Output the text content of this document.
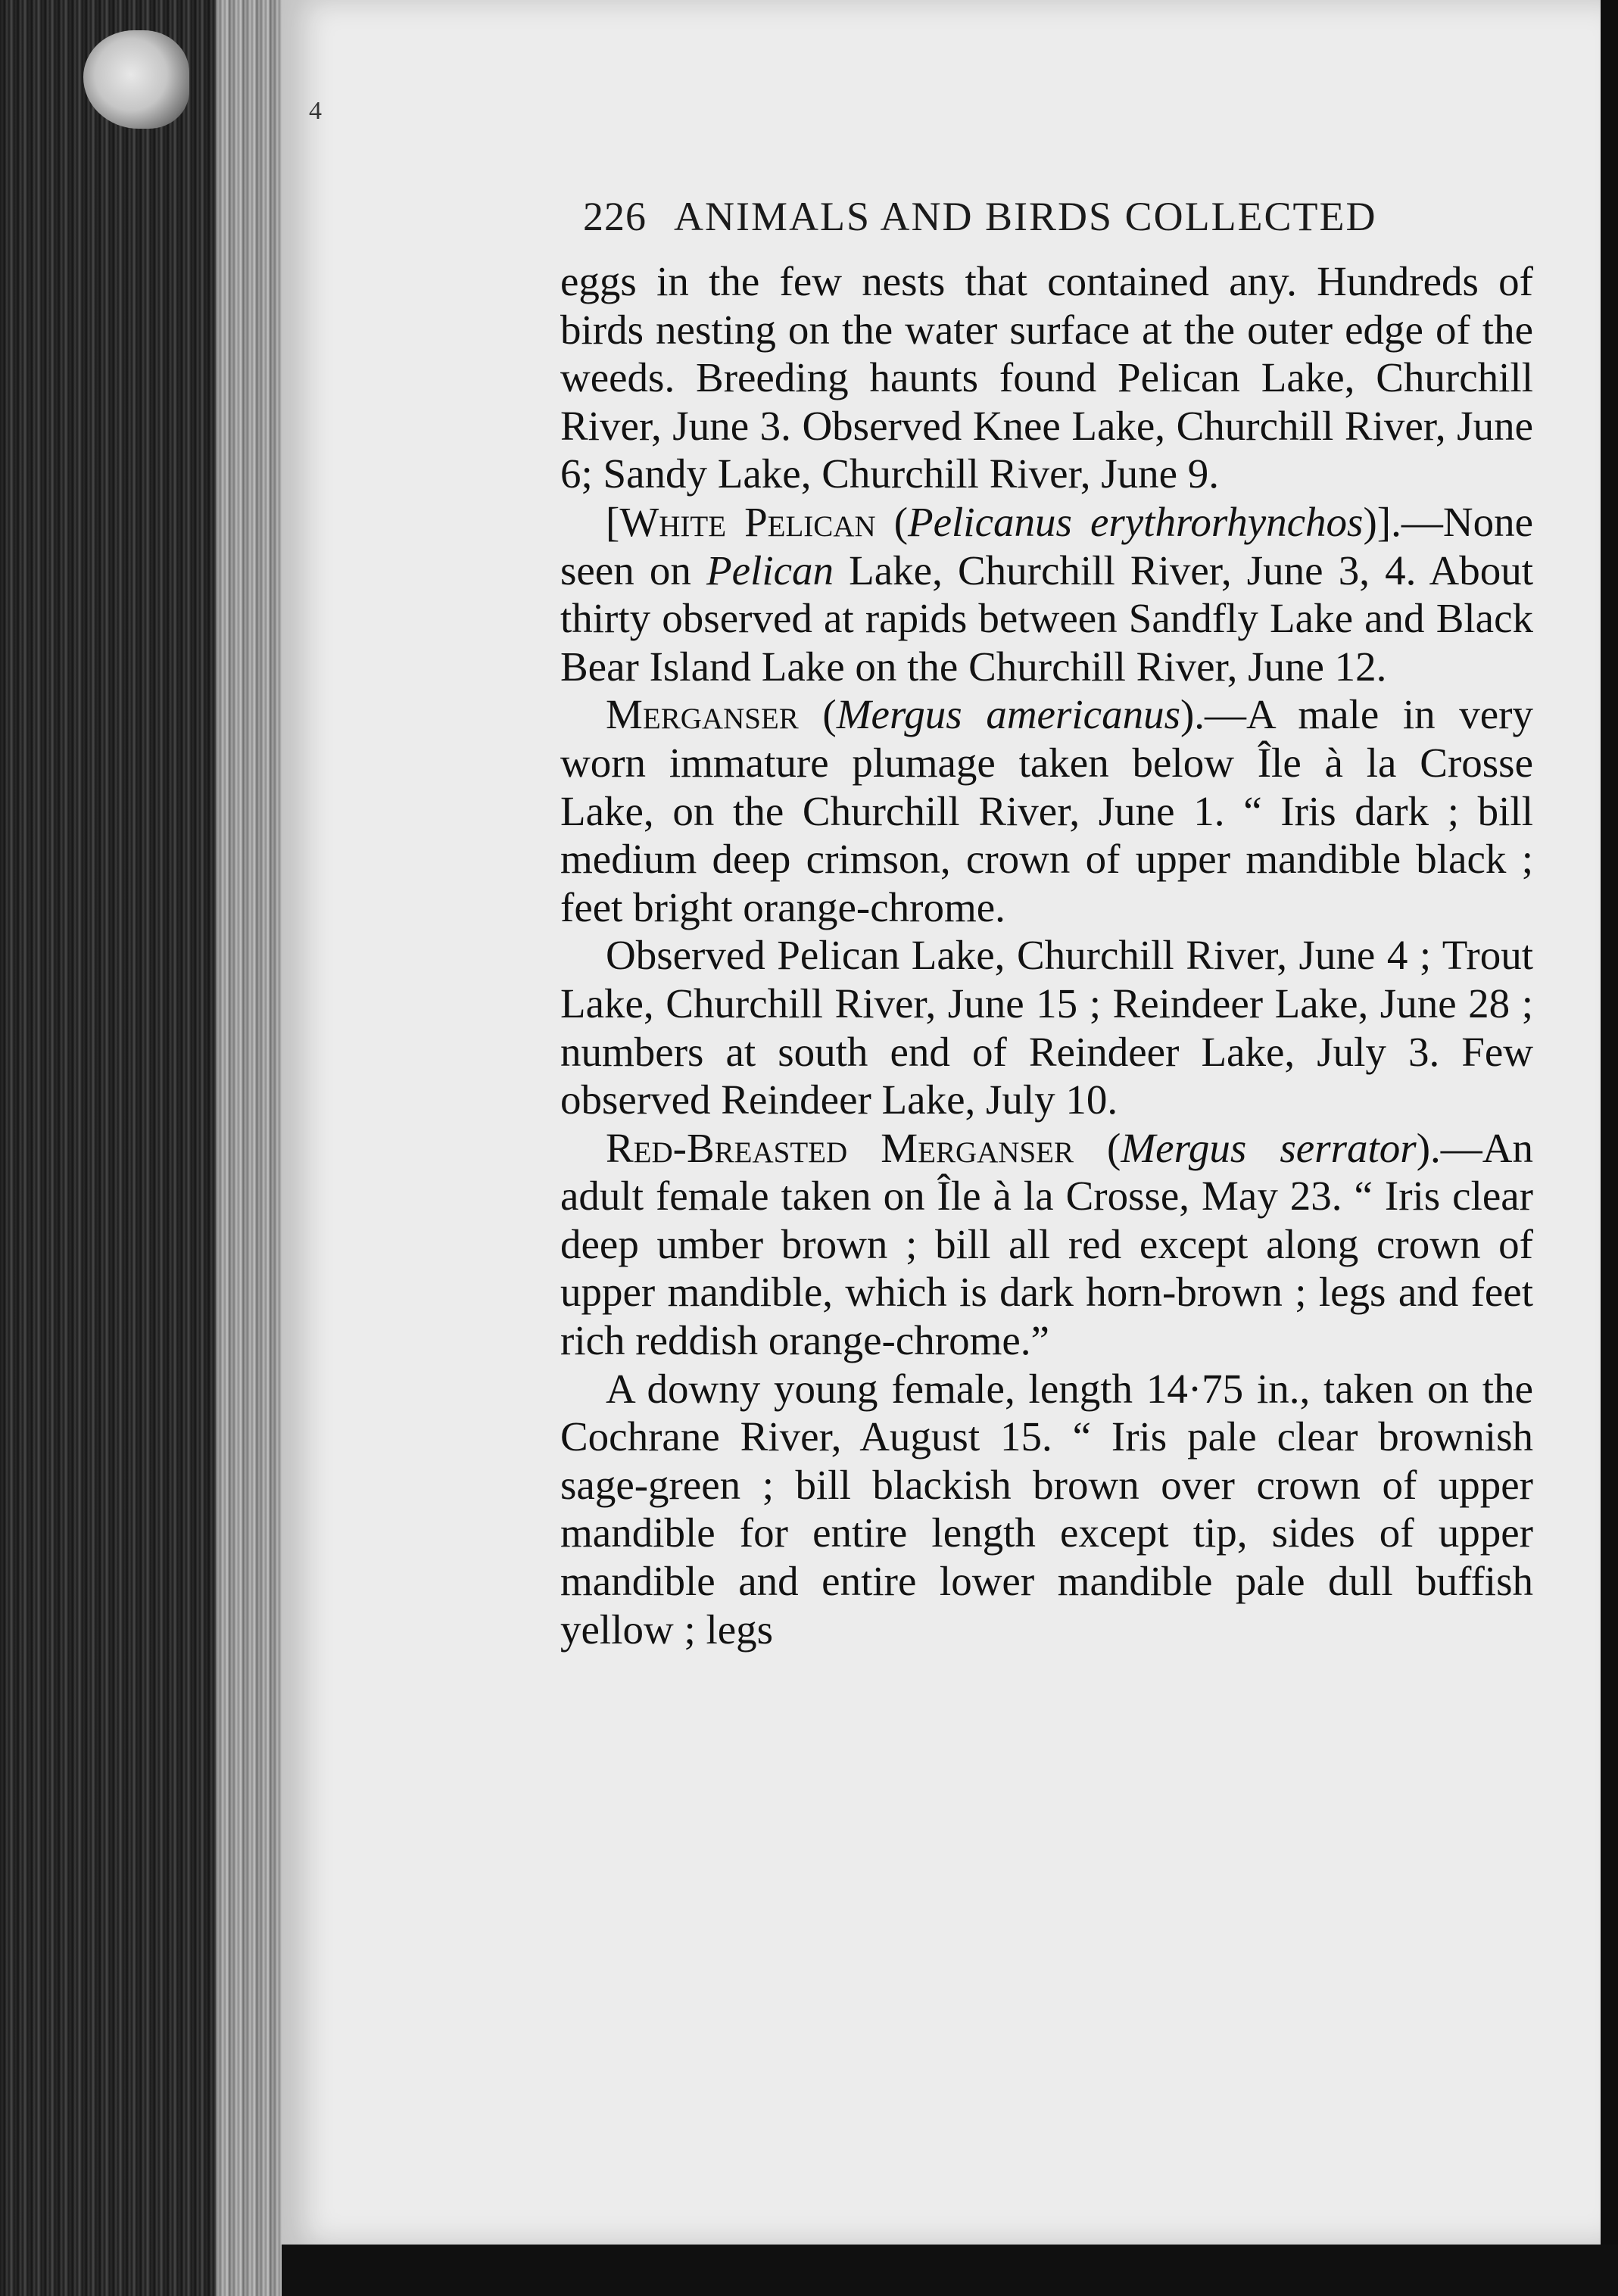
4
226 ANIMALS AND BIRDS COLLECTED

eggs in the few nests that contained any. Hundreds of birds nesting on the water surface at the outer edge of the weeds. Breeding haunts found Pelican Lake, Churchill River, June 3. Observed Knee Lake, Churchill River, June 6; Sandy Lake, Churchill River, June 9.

[White Pelican (Pelicanus erythrorhynchos)].—None seen on Pelican Lake, Churchill River, June 3, 4. About thirty observed at rapids between Sandfly Lake and Black Bear Island Lake on the Churchill River, June 12.

Merganser (Mergus americanus).—A male in very worn immature plumage taken below Île à la Crosse Lake, on the Churchill River, June 1. “ Iris dark ; bill medium deep crimson, crown of upper mandible black ; feet bright orange-chrome.

Observed Pelican Lake, Churchill River, June 4 ; Trout Lake, Churchill River, June 15 ; Reindeer Lake, June 28 ; numbers at south end of Reindeer Lake, July 3. Few observed Reindeer Lake, July 10.

Red-Breasted Merganser (Mergus serrator).—An adult female taken on Île à la Crosse, May 23. “ Iris clear deep umber brown ; bill all red except along crown of upper mandible, which is dark horn-brown ; legs and feet rich reddish orange-chrome.”

A downy young female, length 14·75 in., taken on the Cochrane River, August 15. “ Iris pale clear brownish sage-green ; bill blackish brown over crown of upper mandible for entire length except tip, sides of upper mandible and entire lower mandible pale dull buffish yellow ; legs
